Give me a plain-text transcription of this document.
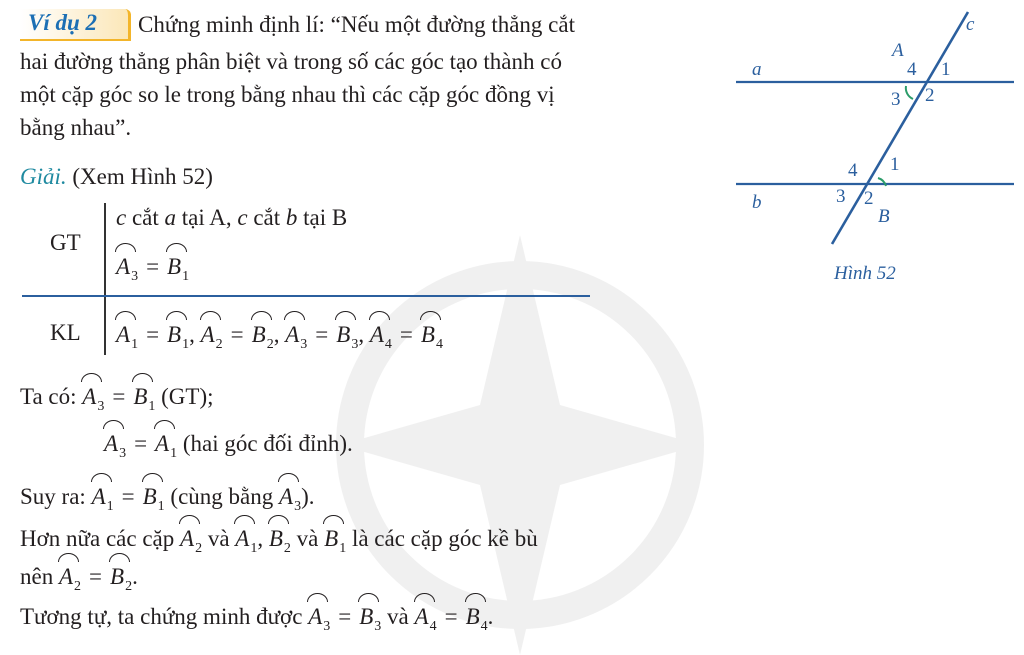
Ví dụ 2 Chứng minh định lí: “Nếu một đường thẳng cắt
hai đường thẳng phân biệt và trong số các góc tạo thành có
một cặp góc so le trong bằng nhau thì các cặp góc đồng vị
bằng nhau”.
Giải. (Xem Hình 52)
GT
c cắt a tại A, c cắt b tại B
$A_3 = B_1$
KL $A_1 = B_1$, $A_2 = B_2$, $A_3 = B_3$, $A_4 = B_4$
Ta có: $A_3 = B_1$ (GT);
$A_3 = A_1$ (hai góc đối đỉnh).
Suy ra: $A_1 = B_1$ (cùng bằng $A_3$).
Hơn nữa các cặp $A_2$ và $A_1$, $B_2$ và $B_1$ là các cặp góc kề bù
nên $A_2 = B_2$.
Tương tự, ta chứng minh được $A_3 = B_3$ và $A_4 = B_4$.
a
b
c
A
4 1
3 2
4 1
3 2
B
Hình 52
